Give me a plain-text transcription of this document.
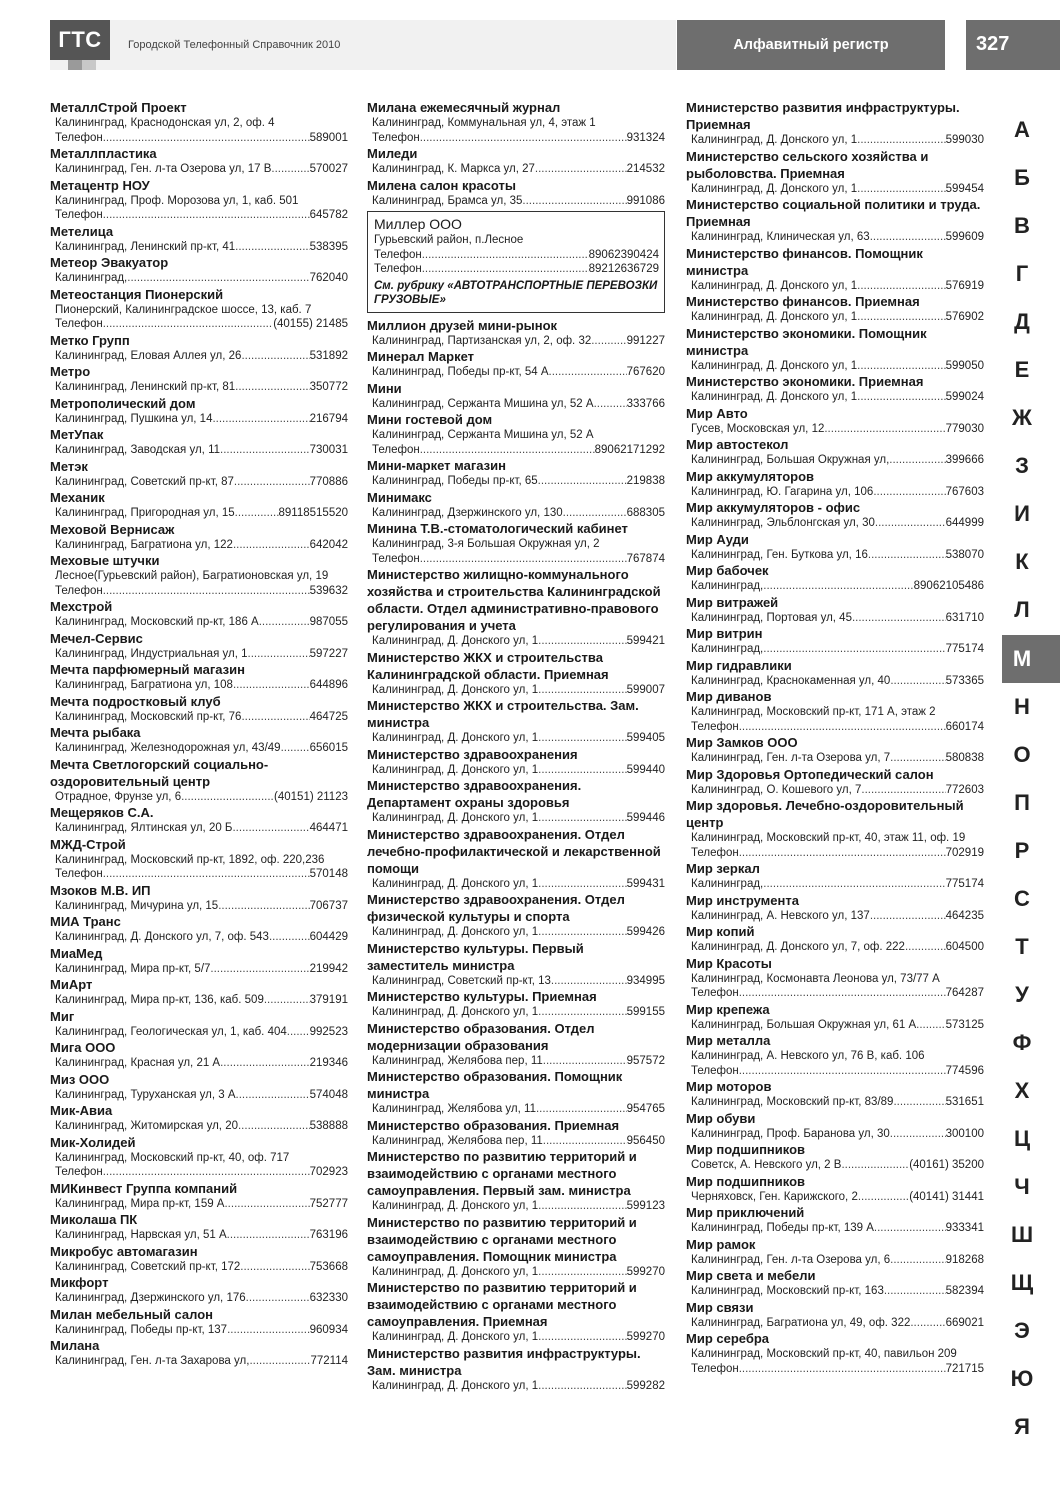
ГТС	Городской Телефонный Справочник 2010	Алфавитный регистр	327
МеталлСтрой Проект
Калининград, Краснодонская ул, 2, оф. 4
Телефон .....	589001
Металлпластика
Калининград, Ген. л-та Озерова ул, 17 В .....	570027
Метацентр НОУ
Калининград, Проф. Морозова ул, 1, каб. 501
Телефон .....	645782
Метелица
Калининград, Ленинский пр-кт, 41 .....	538395
Метеор Эвакуатор
Калининград, .....	762040
Метеостанция Пионерский
Пионерский, Калининградское шоссе, 13, каб. 7
Телефон .....	(40155) 21485
Метко Групп
Калининград, Еловая Аллея ул, 26 .....	531892
Метро
Калининград, Ленинский пр-кт, 81 .....	350772
Метрополический дом
Калининград, Пушкина ул, 14 .....	216794
МетУпак
Калининград, Заводская ул, 11 .....	730031
Метэк
Калининград, Советский пр-кт, 87 .....	770886
Механик
Калининград, Пригородная ул, 15 .....	89118515520
Меховой Вернисаж
Калининград, Багратиона ул, 122 .....	642042
Меховые штучки
Лесное(Гурьевский район), Багратионовская ул, 19
Телефон .....	539632
Мехстрой
Калининград, Московский пр-кт, 186 А .....	987055
Мечел-Сервис
Калининград, Индустриальная ул, 1 .....	597227
Мечта парфюмерный магазин
Калининград, Багратиона ул, 108 .....	644896
Мечта подростковый клуб
Калининград, Московский пр-кт, 76 .....	464725
Мечта рыбака
Калининград, Железнодорожная ул, 43/49 .....	656015
Мечта Светлогорский социально-оздоровительный центр
Отрадное, Фрунзе ул, 6 .....	(40151) 21123
Мещеряков С.А.
Калининград, Ялтинская ул, 20 Б .....	464471
МЖД-Строй
Калининград, Московский пр-кт, 1892, оф. 220,236
Телефон .....	570148
Мзоков М.В. ИП
Калининград, Мичурина ул, 15 .....	706737
МИА Транс
Калининград, Д. Донского ул, 7, оф. 543 .....	604429
МиаМед
Калининград, Мира пр-кт, 5/7 .....	219942
МиАрт
Калининград, Мира пр-кт, 136, каб. 509 .....	379191
Миг
Калининград, Геологическая ул, 1, каб. 404 ..... 992523
Мига ООО
Калининград, Красная ул, 21 А .....	219346
Миз ООО
Калининград, Туруханская ул, 3 А .....	574048
Мик-Авиа
Калининград, Житомирская ул, 20 .....	538888
Мик-Холидей
Калининград, Московский пр-кт, 40, оф. 717
Телефон .....	702923
МИКинвест Группа компаний
Калининград, Мира пр-кт, 159 А .....	752777
Миколаша ПК
Калининград, Нарвская ул, 51 А .....	763196
Микробус автомагазин
Калининград, Советский пр-кт, 172 .....	753668
Микфорт
Калининград, Дзержинского ул, 176 .....	632330
Милан мебельный салон
Калининград, Победы пр-кт, 137 .....	960934
Милана
Калининград, Ген. л-та Захарова ул, .....	772114
Милана ежемесячный журнал
Калининград, Коммунальная ул, 4, этаж 1
Телефон .....	931324
Миледи
Калининград, К. Маркса ул, 27 .....	214532
Милена салон красоты
Калининград, Брамса ул, 35 .....	991086
Миллер ООО
Гурьевский район, п.Лесное
Телефон .....	89062390424
Телефон .....	89212636729
См. рубрику «АВТОТРАНСПОРТНЫЕ ПЕРЕВОЗКИ ГРУЗОВЫЕ»
Миллион друзей мини-рынок
Калининград, Партизанская ул, 2, оф. 32 .....	991227
Минерал Маркет
Калининград, Победы пр-кт, 54 А .....	767620
Мини
Калининград, Сержанта Мишина ул, 52 А .....	333766
Мини гостевой дом
Калининград, Сержанта Мишина ул, 52 А
Телефон .....	89062171292
Мини-маркет магазин
Калининград, Победы пр-кт, 65 .....	219838
Минимакс
Калининград, Дзержинского ул, 130 .....	688305
Минина Т.В.-стоматологический кабинет
Калининград, 3-я Большая Окружная ул, 2
Телефон .....	767874
Министерство жилищно-коммунального хозяйства и строительства Калининградской области. Отдел административно-правового регулирования и учета
Калининград, Д. Донского ул, 1 .....	599421
Министерство ЖКХ и строительства Калининградской области. Приемная
Калининград, Д. Донского ул, 1 .....	599007
Министерство ЖКХ и строительства. Зам. министра
Калининград, Д. Донского ул, 1 .....	599405
Министерство здравоохранения
Калининград, Д. Донского ул, 1 .....	599440
Министерство здравоохранения. Департамент охраны здоровья
Калининград, Д. Донского ул, 1 .....	599446
Министерство здравоохранения. Отдел лечебно-профилактической и лекарственной помощи
Калининград, Д. Донского ул, 1 .....	599431
Министерство здравоохранения. Отдел физической культуры и спорта
Калининград, Д. Донского ул, 1 .....	599426
Министерство культуры. Первый заместитель министра
Калининград, Советский пр-кт, 13 .....	934995
Министерство культуры. Приемная
Калининград, Д. Донского ул, 1 .....	599155
Министерство образования. Отдел модернизации образования
Калининград, Желябова пер, 11 .....	957572
Министерство образования. Помощник министра
Калининград, Желябова ул, 11 .....	954765
Министерство образования. Приемная
Калининград, Желябова пер, 11 .....	956450
Министерство по развитию территорий и взаимодействию с органами местного самоуправления. Первый зам. министра
Калининград, Д. Донского ул, 1 .....	599123
Министерство по развитию территорий и взаимодействию с органами местного самоуправления. Помощник министра
Калининград, Д. Донского ул, 1 .....	599270
Министерство по развитию территорий и взаимодействию с органами местного самоуправления. Приемная
Калининград, Д. Донского ул, 1 .....	599270
Министерство развития инфраструктуры. Зам. министра
Калининград, Д. Донского ул, 1 .....	599282
Министерство развития инфраструктуры. Приемная
Калининград, Д. Донского ул, 1 .....	599030
Министерство сельского хозяйства и рыболовства. Приемная
Калининград, Д. Донского ул, 1 .....	599454
Министерство социальной политики и труда. Приемная
Калининград, Клиническая ул, 63 .....	599609
Министерство финансов. Помощник министра
Калининград, Д. Донского ул, 1 .....	576919
Министерство финансов. Приемная
Калининград, Д. Донского ул, 1 .....	576902
Министерство экономики. Помощник министра
Калининград, Д. Донского ул, 1 .....	599050
Министерство экономики. Приемная
Калининград, Д. Донского ул, 1 .....	599024
Мир Авто
Гусев, Московская ул, 12 .....	779030
Мир автостекол
Калининград, Большая Окружная ул, .....	399666
Мир аккумуляторов
Калининград, Ю. Гагарина ул, 106 .....	767603
Мир аккумуляторов - офис
Калининград, Эльблонгская ул, 30 .....	644999
Мир Ауди
Калининград, Ген. Буткова ул, 16 .....	538070
Мир бабочек
Калининград, .....	89062105486
Мир витражей
Калининград, Портовая ул, 45 .....	631710
Мир витрин
Калининград, .....	775174
Мир гидравлики
Калининград, Краснокаменная ул, 40 .....	573365
Мир диванов
Калининград, Московский пр-кт, 171 А, этаж 2
Телефон .....	660174
Мир Замков ООО
Калининград, Ген. л-та Озерова ул, 7 .....	580838
Мир Здоровья Ортопедический салон
Калининград, О. Кошевого ул, 7 .....	772603
Мир здоровья. Лечебно-оздоровительный центр
Калининград, Московский пр-кт, 40, этаж 11, оф. 19
Телефон .....	702919
Мир зеркал
Калининград, .....	775174
Мир инструмента
Калининград, А. Невского ул, 137 .....	464235
Мир копий
Калининград, Д. Донского ул, 7, оф. 222 .....	604500
Мир Красоты
Калининград, Космонавта Леонова ул, 73/77 А
Телефон .....	764287
Мир крепежа
Калининград, Большая Окружная ул, 61 А .....	573125
Мир металла
Калининград, А. Невского ул, 76 В, каб. 106
Телефон .....	774596
Мир моторов
Калининград, Московский пр-кт, 83/89 .....	531651
Мир обуви
Калининград, Проф. Баранова ул, 30 .....	300100
Мир подшипников
Советск, А. Невского ул, 2 В .....	(40161) 35200
Мир подшипников
Черняховск, Ген. Карижского, 2 .....	(40141) 31441
Мир приключений
Калининград, Победы пр-кт, 139 А .....	933341
Мир рамок
Калининград, Ген. л-та Озерова ул, 6 .....	918268
Мир света и мебели
Калининград, Московский пр-кт, 163 .....	582394
Мир связи
Калининград, Багратиона ул, 49, оф. 322 .....	669021
Мир серебра
Калининград, Московский пр-кт, 40, павильон 209
Телефон .....	721715
А
Б
В
Г
Д
Е
Ж
З
И
К
Л
М
Н
О
П
Р
С
Т
У
Ф
Х
Ц
Ч
Ш
Щ
Э
Ю
Я
